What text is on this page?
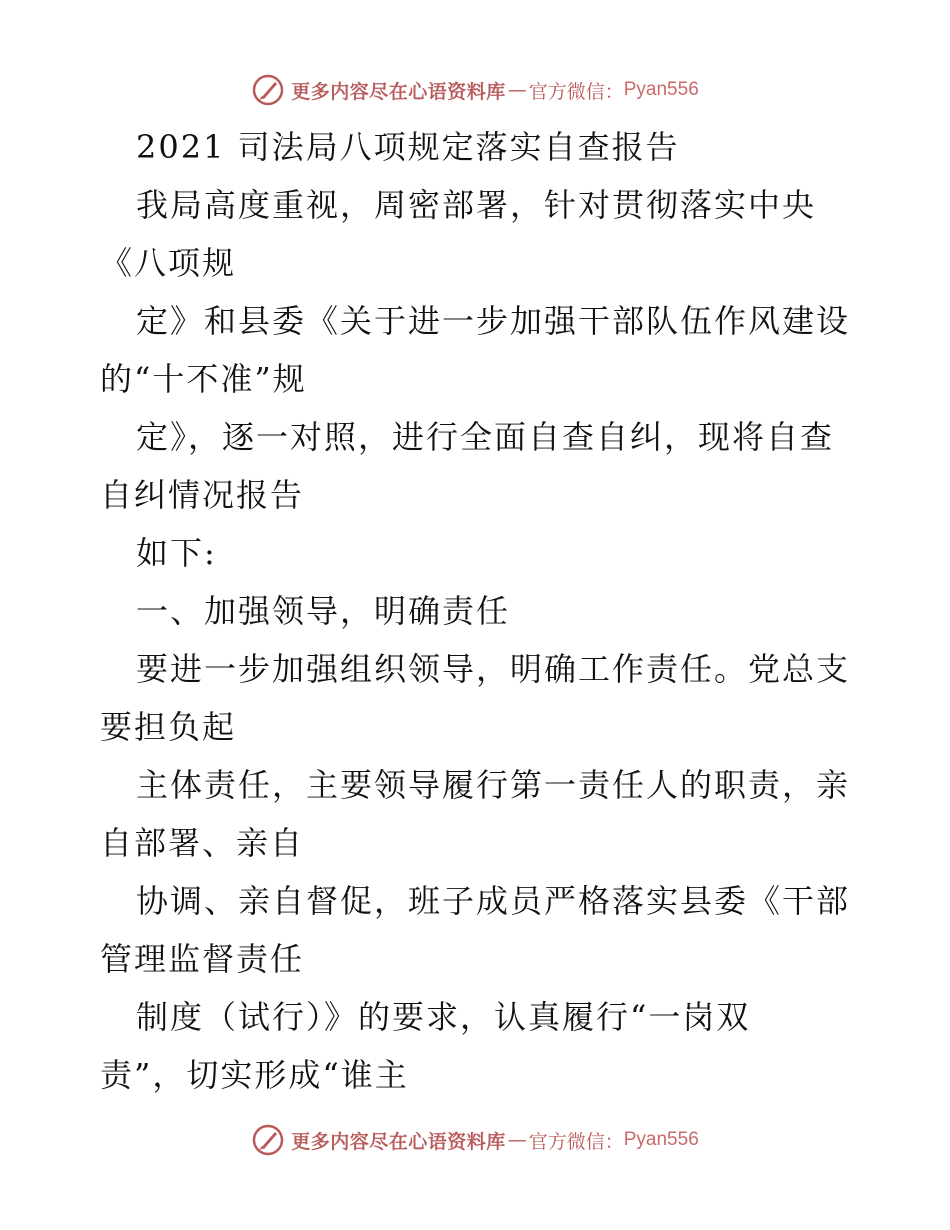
更多内容尽在心语资料库 — 官方微信： Pyan556
2021 司法局八项规定落实自查报告
我局高度重视，周密部署，针对贯彻落实中央
《八项规
定》和县委《关于进一步加强干部队伍作风建设
的“十不准”规
定》，逐一对照，进行全面自查自纠，现将自查
自纠情况报告
如下:
一、加强领导，明确责任
要进一步加强组织领导，明确工作责任。党总支
要担负起
主体责任，主要领导履行第一责任人的职责，亲
自部署、亲自
协调、亲自督促，班子成员严格落实县委《干部
管理监督责任
制度（试行）》的要求，认真履行“一岗双
责”，切实形成“谁主
更多内容尽在心语资料库 — 官方微信： Pyan556
